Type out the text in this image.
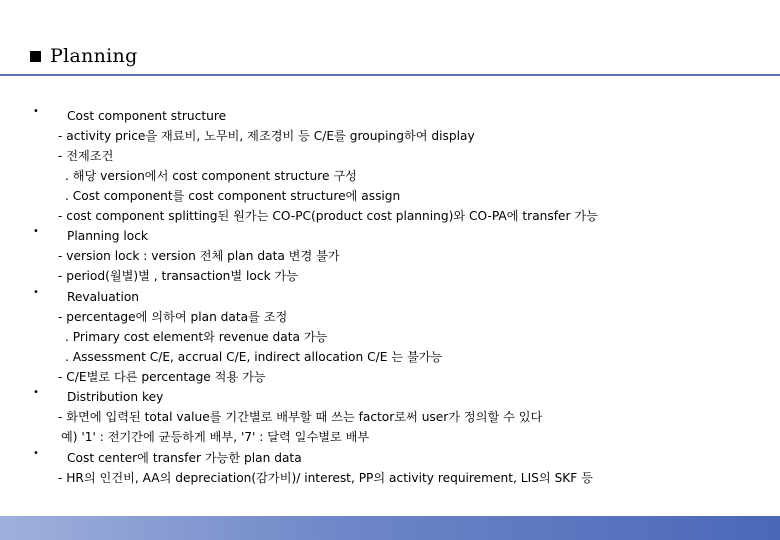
Planning
• Cost component structure
- activity price을 재료비, 노무비, 제조경비 등 C/E를 grouping하여 display
- 전제조건
. 해당 version에서 cost component structure 구성
. Cost component를 cost component structure에 assign
- cost component splitting된 원가는 CO-PC(product cost planning)와 CO-PA에 transfer 가능
• Planning lock
- version lock : version 전체 plan data 변경 불가
- period(월별)별 , transaction별 lock 가능
• Revaluation
- percentage에 의하여 plan data를 조정
. Primary cost element와 revenue data 가능
. Assessment C/E, accrual C/E, indirect allocation C/E 는 불가능
- C/E별로 다른 percentage 적용 가능
• Distribution key
- 화면에 입력된 total value를 기간별로 배부할 때 쓰는 factor로써 user가 정의할 수 있다
예) '1' : 전기간에 균등하게 배부, '7' : 달력 일수별로 배부
• Cost center에 transfer 가능한 plan data
- HR의 인건비, AA의 depreciation(감가비)/ interest, PP의 activity requirement, LIS의 SKF 등
